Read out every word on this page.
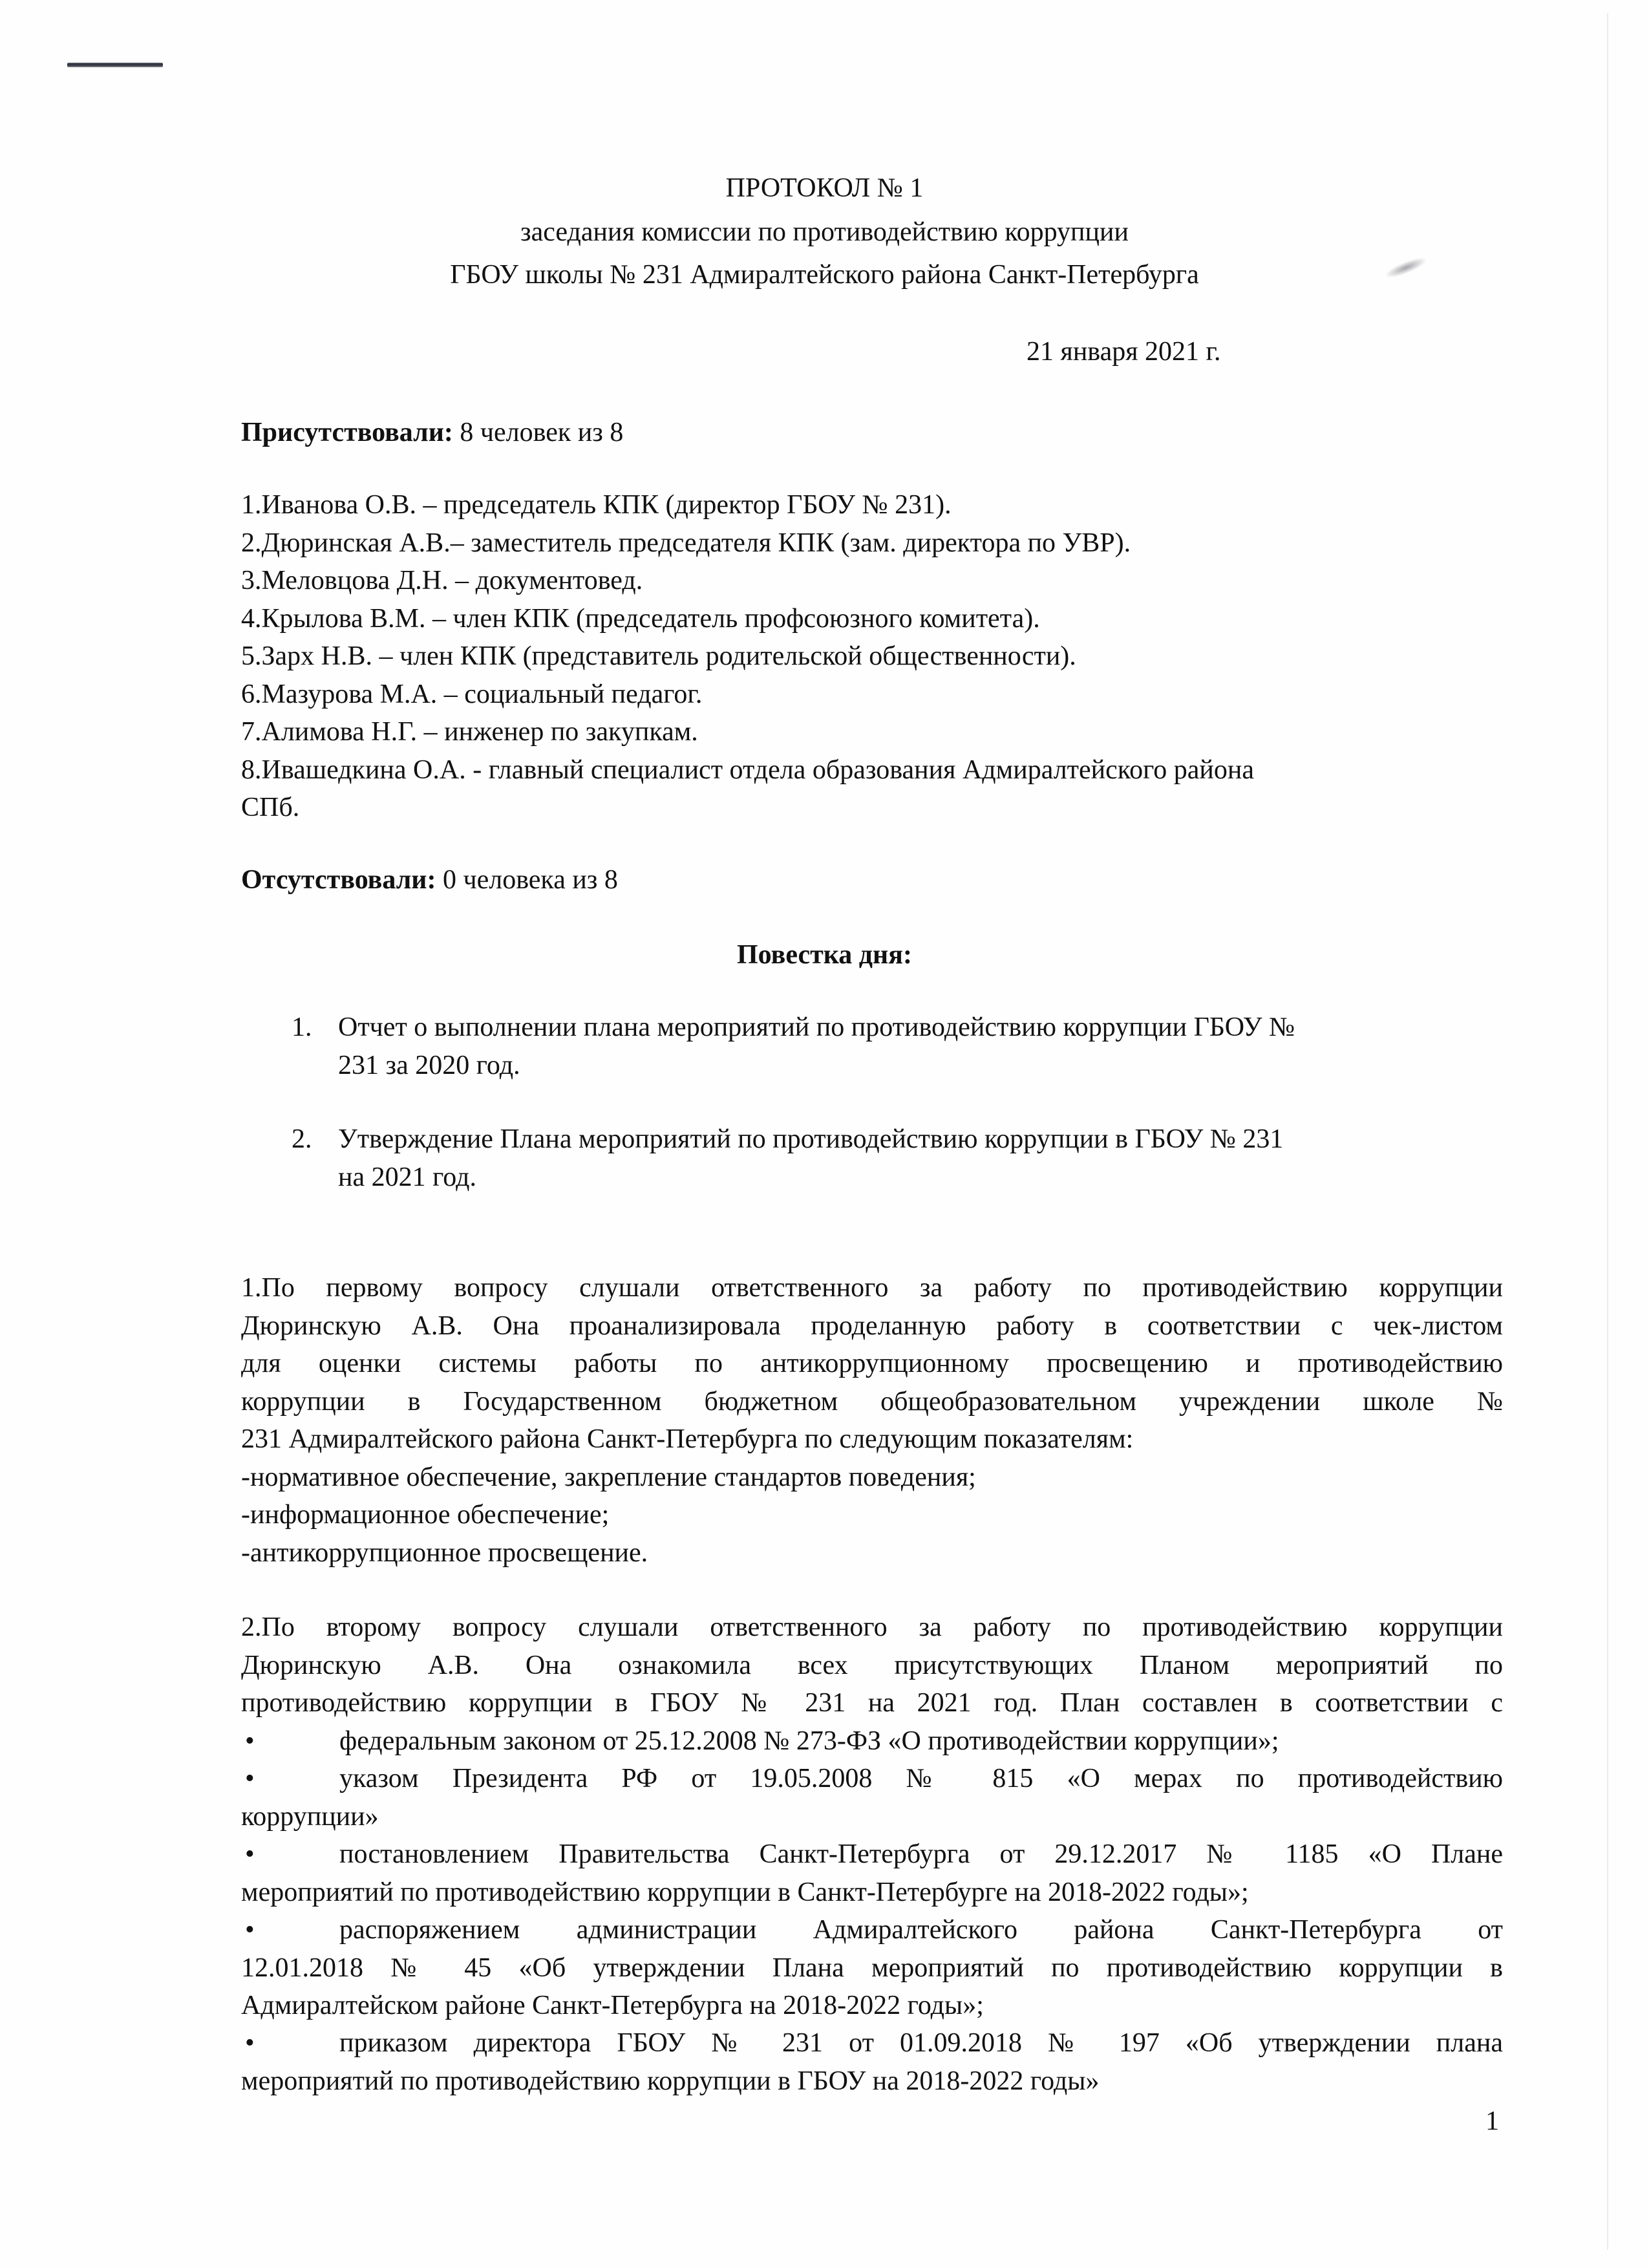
ПРОТОКОЛ № 1
заседания комиссии по противодействию коррупции
ГБОУ школы № 231 Адмиралтейского района Санкт-Петербурга
21 января 2021 г.
Присутствовали: 8 человек из 8
1.Иванова О.В. – председатель КПК (директор ГБОУ № 231).
2.Дюринская А.В.– заместитель председателя КПК (зам. директора по УВР).
3.Меловцова Д.Н. – документовед.
4.Крылова В.М. – член КПК (председатель профсоюзного комитета).
5.Зарх Н.В. – член КПК (представитель родительской общественности).
6.Мазурова М.А. – социальный педагог.
7.Алимова Н.Г. – инженер по закупкам.
8.Ивашедкина О.А. - главный специалист отдела образования Адмиралтейского района
СПб.
Отсутствовали: 0 человека из 8
Повестка дня:
1. Отчет о выполнении плана мероприятий по противодействию коррупции ГБОУ №
231 за 2020 год.
2. Утверждение Плана мероприятий по противодействию коррупции в ГБОУ № 231
на 2021 год.
1.По первому вопросу слушали ответственного за работу по противодействию коррупции
Дюринскую А.В. Она проанализировала проделанную работу в соответствии с чек-листом
для оценки системы работы по антикоррупционному просвещению и противодействию
коррупции в Государственном бюджетном общеобразовательном учреждении школе №
231 Адмиралтейского района Санкт-Петербурга по следующим показателям:
-нормативное обеспечение, закрепление стандартов поведения;
-информационное обеспечение;
-антикоррупционное просвещение.
2.По второму вопросу слушали ответственного за работу по противодействию коррупции
Дюринскую А.В. Она ознакомила всех присутствующих Планом мероприятий по
противодействию коррупции в ГБОУ № 231 на 2021 год. План составлен в соответствии с
•	федеральным законом от 25.12.2008 № 273-ФЗ «О противодействии коррупции»;
•	указом Президента РФ от 19.05.2008 № 815 «О мерах по противодействию
коррупции»
•	постановлением Правительства Санкт-Петербурга от 29.12.2017 № 1185 «О Плане
мероприятий по противодействию коррупции в Санкт-Петербурге на 2018-2022 годы»;
•	распоряжением администрации Адмиралтейского района Санкт-Петербурга от
12.01.2018 № 45 «Об утверждении Плана мероприятий по противодействию коррупции в
Адмиралтейском районе Санкт-Петербурга на 2018-2022 годы»;
•	приказом директора ГБОУ № 231 от 01.09.2018 № 197 «Об утверждении плана
мероприятий по противодействию коррупции в ГБОУ на 2018-2022 годы»
1
